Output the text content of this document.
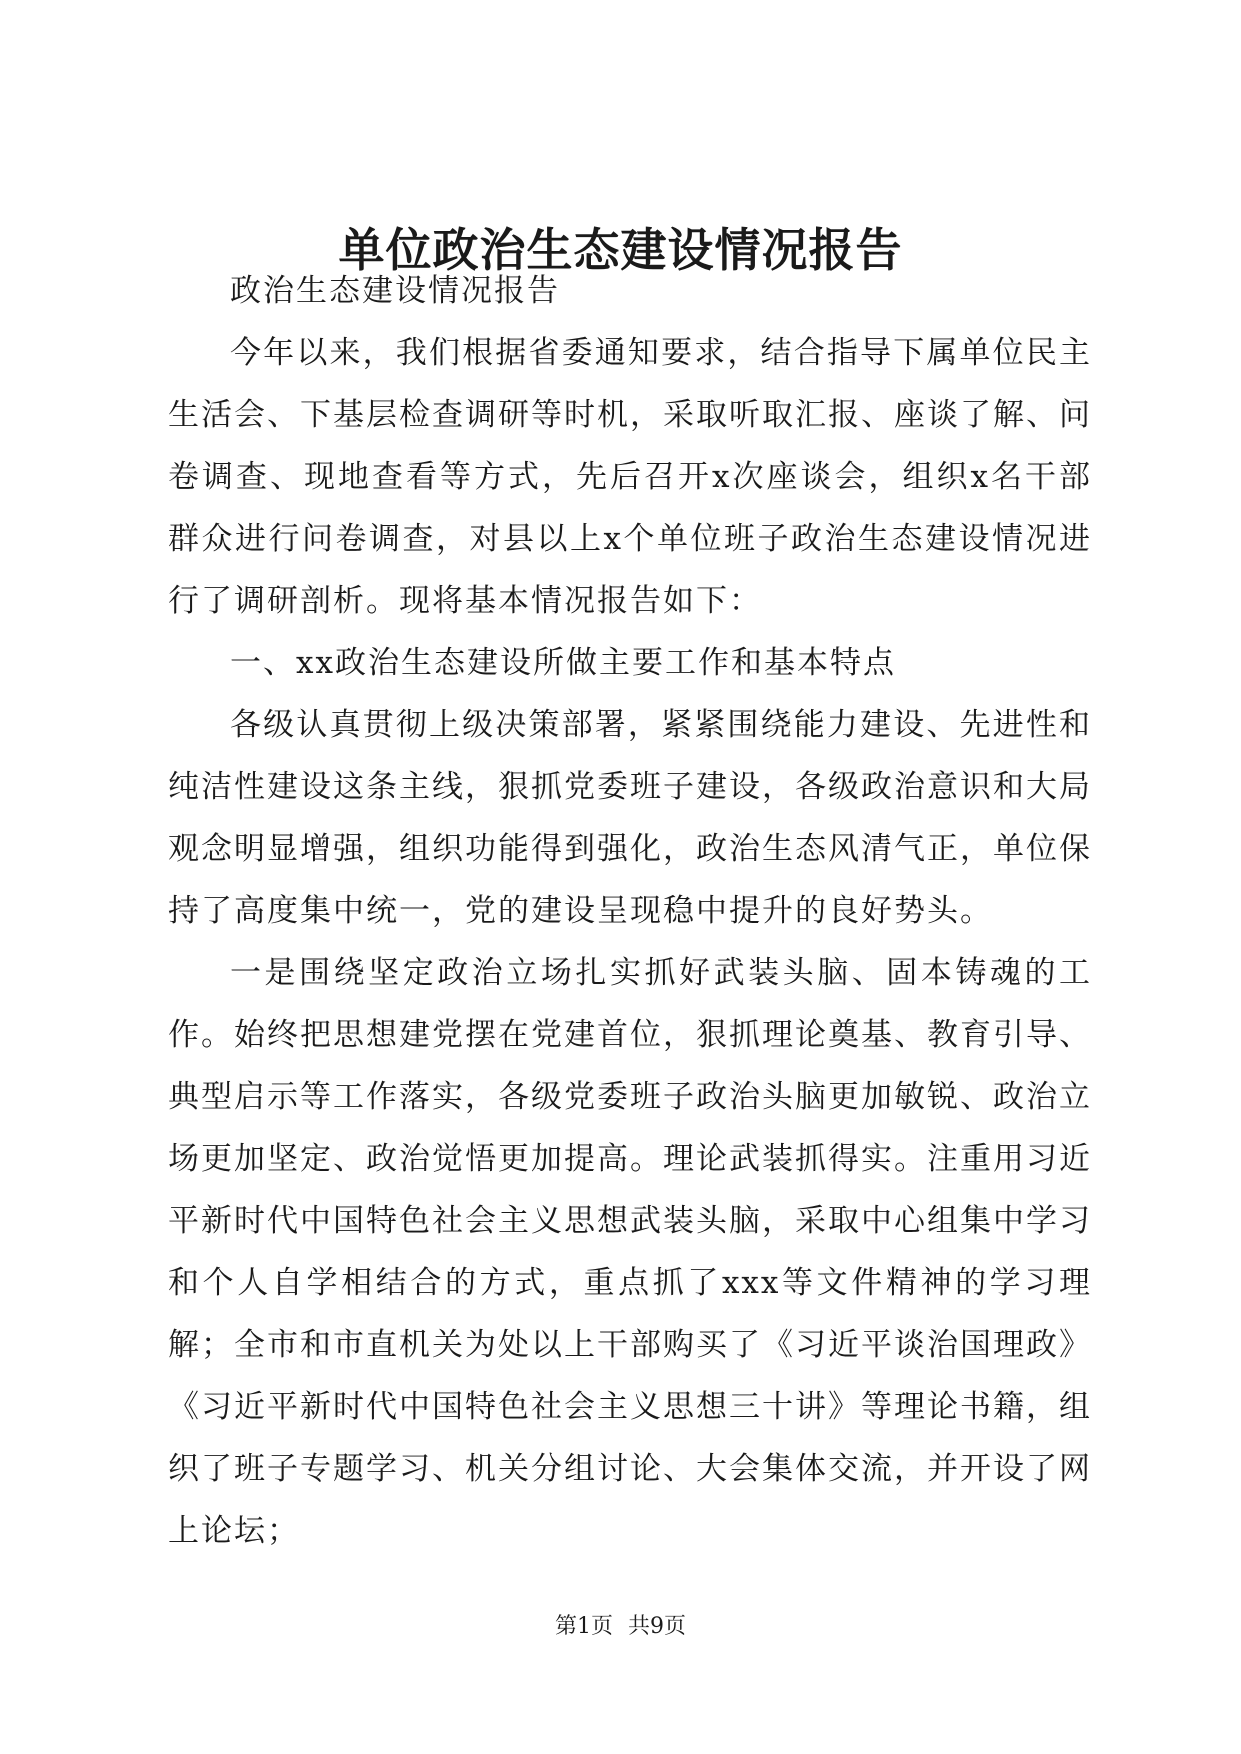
单位政治生态建设情况报告

政治生态建设情况报告

今年以来，我们根据省委通知要求，结合指导下属单位民主生活会、下基层检查调研等时机，采取听取汇报、座谈了解、问卷调查、现地查看等方式，先后召开x次座谈会，组织x名干部群众进行问卷调查，对县以上x个单位班子政治生态建设情况进行了调研剖析。现将基本情况报告如下：

一、xx政治生态建设所做主要工作和基本特点

各级认真贯彻上级决策部署，紧紧围绕能力建设、先进性和纯洁性建设这条主线，狠抓党委班子建设，各级政治意识和大局观念明显增强，组织功能得到强化，政治生态风清气正，单位保持了高度集中统一，党的建设呈现稳中提升的良好势头。

一是围绕坚定政治立场扎实抓好武装头脑、固本铸魂的工作。始终把思想建党摆在党建首位，狠抓理论奠基、教育引导、典型启示等工作落实，各级党委班子政治头脑更加敏锐、政治立场更加坚定、政治觉悟更加提高。理论武装抓得实。注重用习近平新时代中国特色社会主义思想武装头脑，采取中心组集中学习和个人自学相结合的方式，重点抓了xxx等文件精神的学习理解；全市和市直机关为处以上干部购买了《习近平谈治国理政》《习近平新时代中国特色社会主义思想三十讲》等理论书籍，组织了班子专题学习、机关分组讨论、大会集体交流，并开设了网上论坛；

第1页 共9页
